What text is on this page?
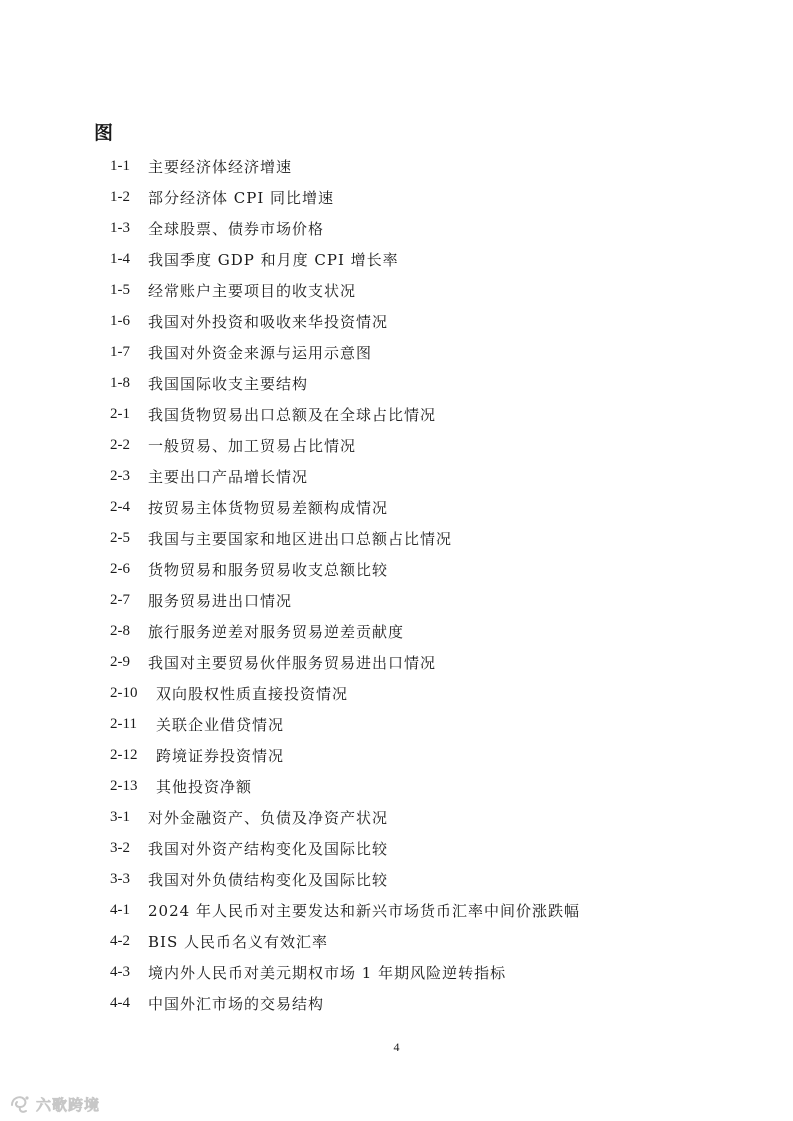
图
1-1	主要经济体经济增速
1-2	部分经济体 CPI 同比增速
1-3	全球股票、债券市场价格
1-4	我国季度 GDP 和月度 CPI 增长率
1-5	经常账户主要项目的收支状况
1-6	我国对外投资和吸收来华投资情况
1-7	我国对外资金来源与运用示意图
1-8	我国国际收支主要结构
2-1	我国货物贸易出口总额及在全球占比情况
2-2	一般贸易、加工贸易占比情况
2-3	主要出口产品增长情况
2-4	按贸易主体货物贸易差额构成情况
2-5	我国与主要国家和地区进出口总额占比情况
2-6	货物贸易和服务贸易收支总额比较
2-7	服务贸易进出口情况
2-8	旅行服务逆差对服务贸易逆差贡献度
2-9	我国对主要贸易伙伴服务贸易进出口情况
2-10	双向股权性质直接投资情况
2-11	关联企业借贷情况
2-12	跨境证券投资情况
2-13	其他投资净额
3-1	对外金融资产、负债及净资产状况
3-2	我国对外资产结构变化及国际比较
3-3	我国对外负债结构变化及国际比较
4-1	2024 年人民币对主要发达和新兴市场货币汇率中间价涨跌幅
4-2	BIS 人民币名义有效汇率
4-3	境内外人民币对美元期权市场 1 年期风险逆转指标
4-4	中国外汇市场的交易结构
4
六歌跨境
